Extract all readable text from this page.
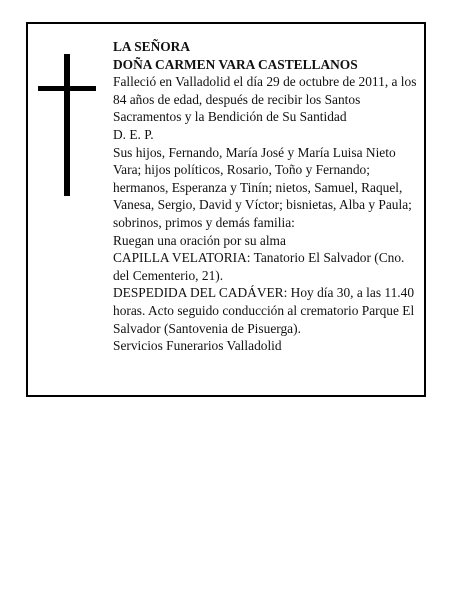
LA SEÑORA

DOÑA CARMEN VARA CASTELLANOS

Falleció en Valladolid el día 29 de octubre de 2011, a los 84 años de edad, después de recibir los Santos Sacramentos y la Bendición de Su Santidad

D. E. P.

Sus hijos, Fernando, María José y María Luisa Nieto Vara; hijos políticos, Rosario, Toño y Fernando; hermanos, Esperanza y Tinín; nietos, Samuel, Raquel, Vanesa, Sergio, David y Víctor; bisnietas, Alba y Paula; sobrinos, primos y demás familia:

Ruegan una oración por su alma

CAPILLA VELATORIA: Tanatorio El Salvador (Cno. del Cementerio, 21).

DESPEDIDA DEL CADÁVER: Hoy día 30, a las 11.40 horas. Acto seguido conducción al crematorio Parque El Salvador (Santovenia de Pisuerga).

Servicios Funerarios Valladolid
